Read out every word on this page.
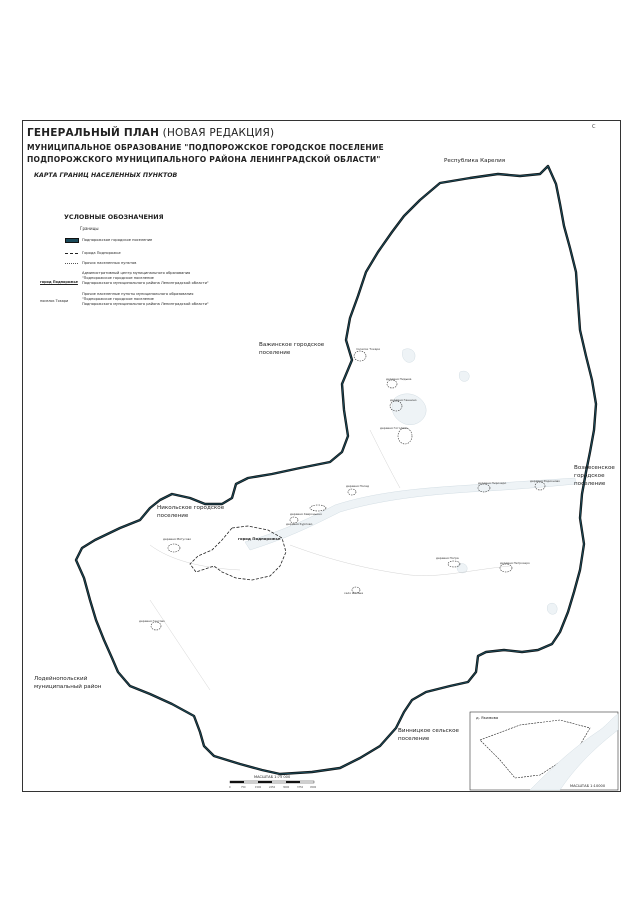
С
ГЕНЕРАЛЬНЫЙ ПЛАН (НОВАЯ РЕДАКЦИЯ)
МУНИЦИПАЛЬНОЕ ОБРАЗОВАНИЕ "ПОДПОРОЖСКОЕ ГОРОДСКОЕ ПОСЕЛЕНИЕ
ПОДПОРОЖСКОГО МУНИЦИПАЛЬНОГО РАЙОНА ЛЕНИНГРАДСКОЙ ОБЛАСТИ"
КАРТА ГРАНИЦ НАСЕЛЕННЫХ ПУНКТОВ
УСЛОВНЫЕ ОБОЗНАЧЕНИЯ
Границы
Подпорожское городское поселение
Города Подпорожье
Прочих населенных пунктов
город Подпорожье
Административный центр муниципального образования
"Подпорожское городское поселение
Подпорожского муниципального района Ленинградской области"
поселок Токари
Прочие населенные пункты муниципального образования
"Подпорожское городское поселение
Подпорожского муниципального района Ленинградской области"
Республика Карелия
Важинское городское
поселение
Вознесенское
городское
поселение
Никольское городское
поселение
Лодейнопольский
муниципальный район
Винницкое сельское
поселение
поселок Токари
деревня Пидьма
деревня Ганнино
деревня Гоголево
деревня Посад
деревня Хевроньино
деревня Мятусово
деревня Пирозеро	деревня Родионово
деревня Погра
деревня Петрозеро
деревня Курпово
село Шапша
деревня Гонгово
город Подпорожье
МАСШТАБ 1:75 000
0	750	1500	2250	3000	3750	4500
д. Якимова
МАСШТАБ 1:10000
